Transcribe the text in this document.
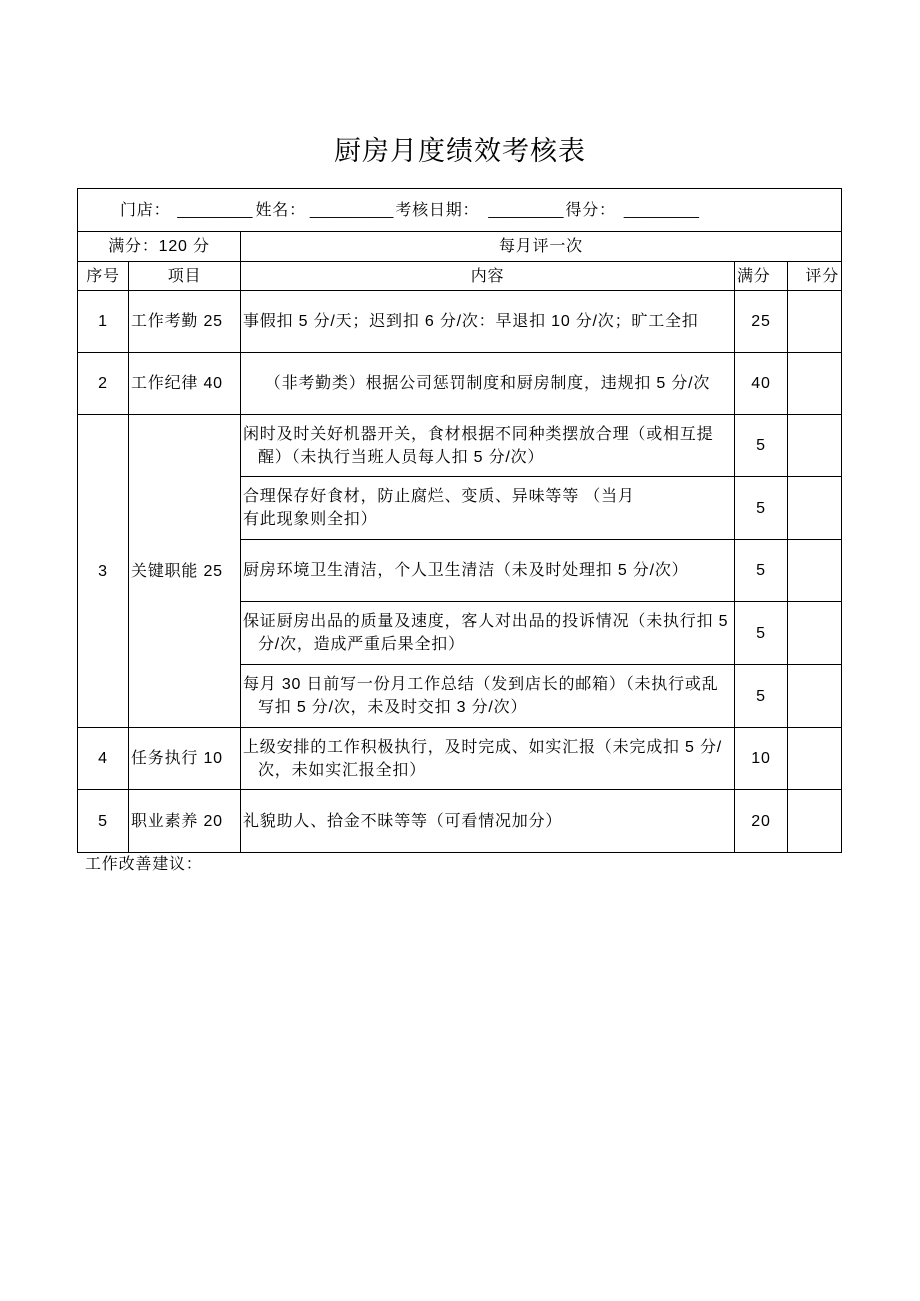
厨房月度绩效考核表
门店： _________ 姓名： __________ 考核日期： _________ 得分： _________				
满分：120 分		每月评一次		
序号	项目	内容	满分	评分
1	工作考勤 25	事假扣 5 分/天；迟到扣 6 分/次：早退扣 10 分/次；旷工全扣	25	
2	工作纪律 40	（非考勤类）根据公司惩罚制度和厨房制度，违规扣 5 分/次	40	
3	关键职能 25	闲时及时关好机器开关，食材根据不同种类摆放合理（或相互提
醒）（未执行当班人员每人扣 5 分/次）	5	

		合理保存好食材，防止腐烂、变质、异味等等 （当月
有此现象则全扣）	5	

		厨房环境卫生清洁，个人卫生清洁（未及时处理扣 5 分/次）	5	

		保证厨房出品的质量及速度，客人对出品的投诉情况（未执行扣 5
分/次，造成严重后果全扣）	5	

		每月 30 日前写一份月工作总结（发到店长的邮箱）（未执行或乱
写扣 5 分/次，未及时交扣 3 分/次）	5	
4	任务执行 10	上级安排的工作积极执行，及时完成、如实汇报（未完成扣 5 分/
次，未如实汇报全扣）	10	
5	职业素养 20	礼貌助人、拾金不昧等等（可看情况加分）	20	
工作改善建议：
